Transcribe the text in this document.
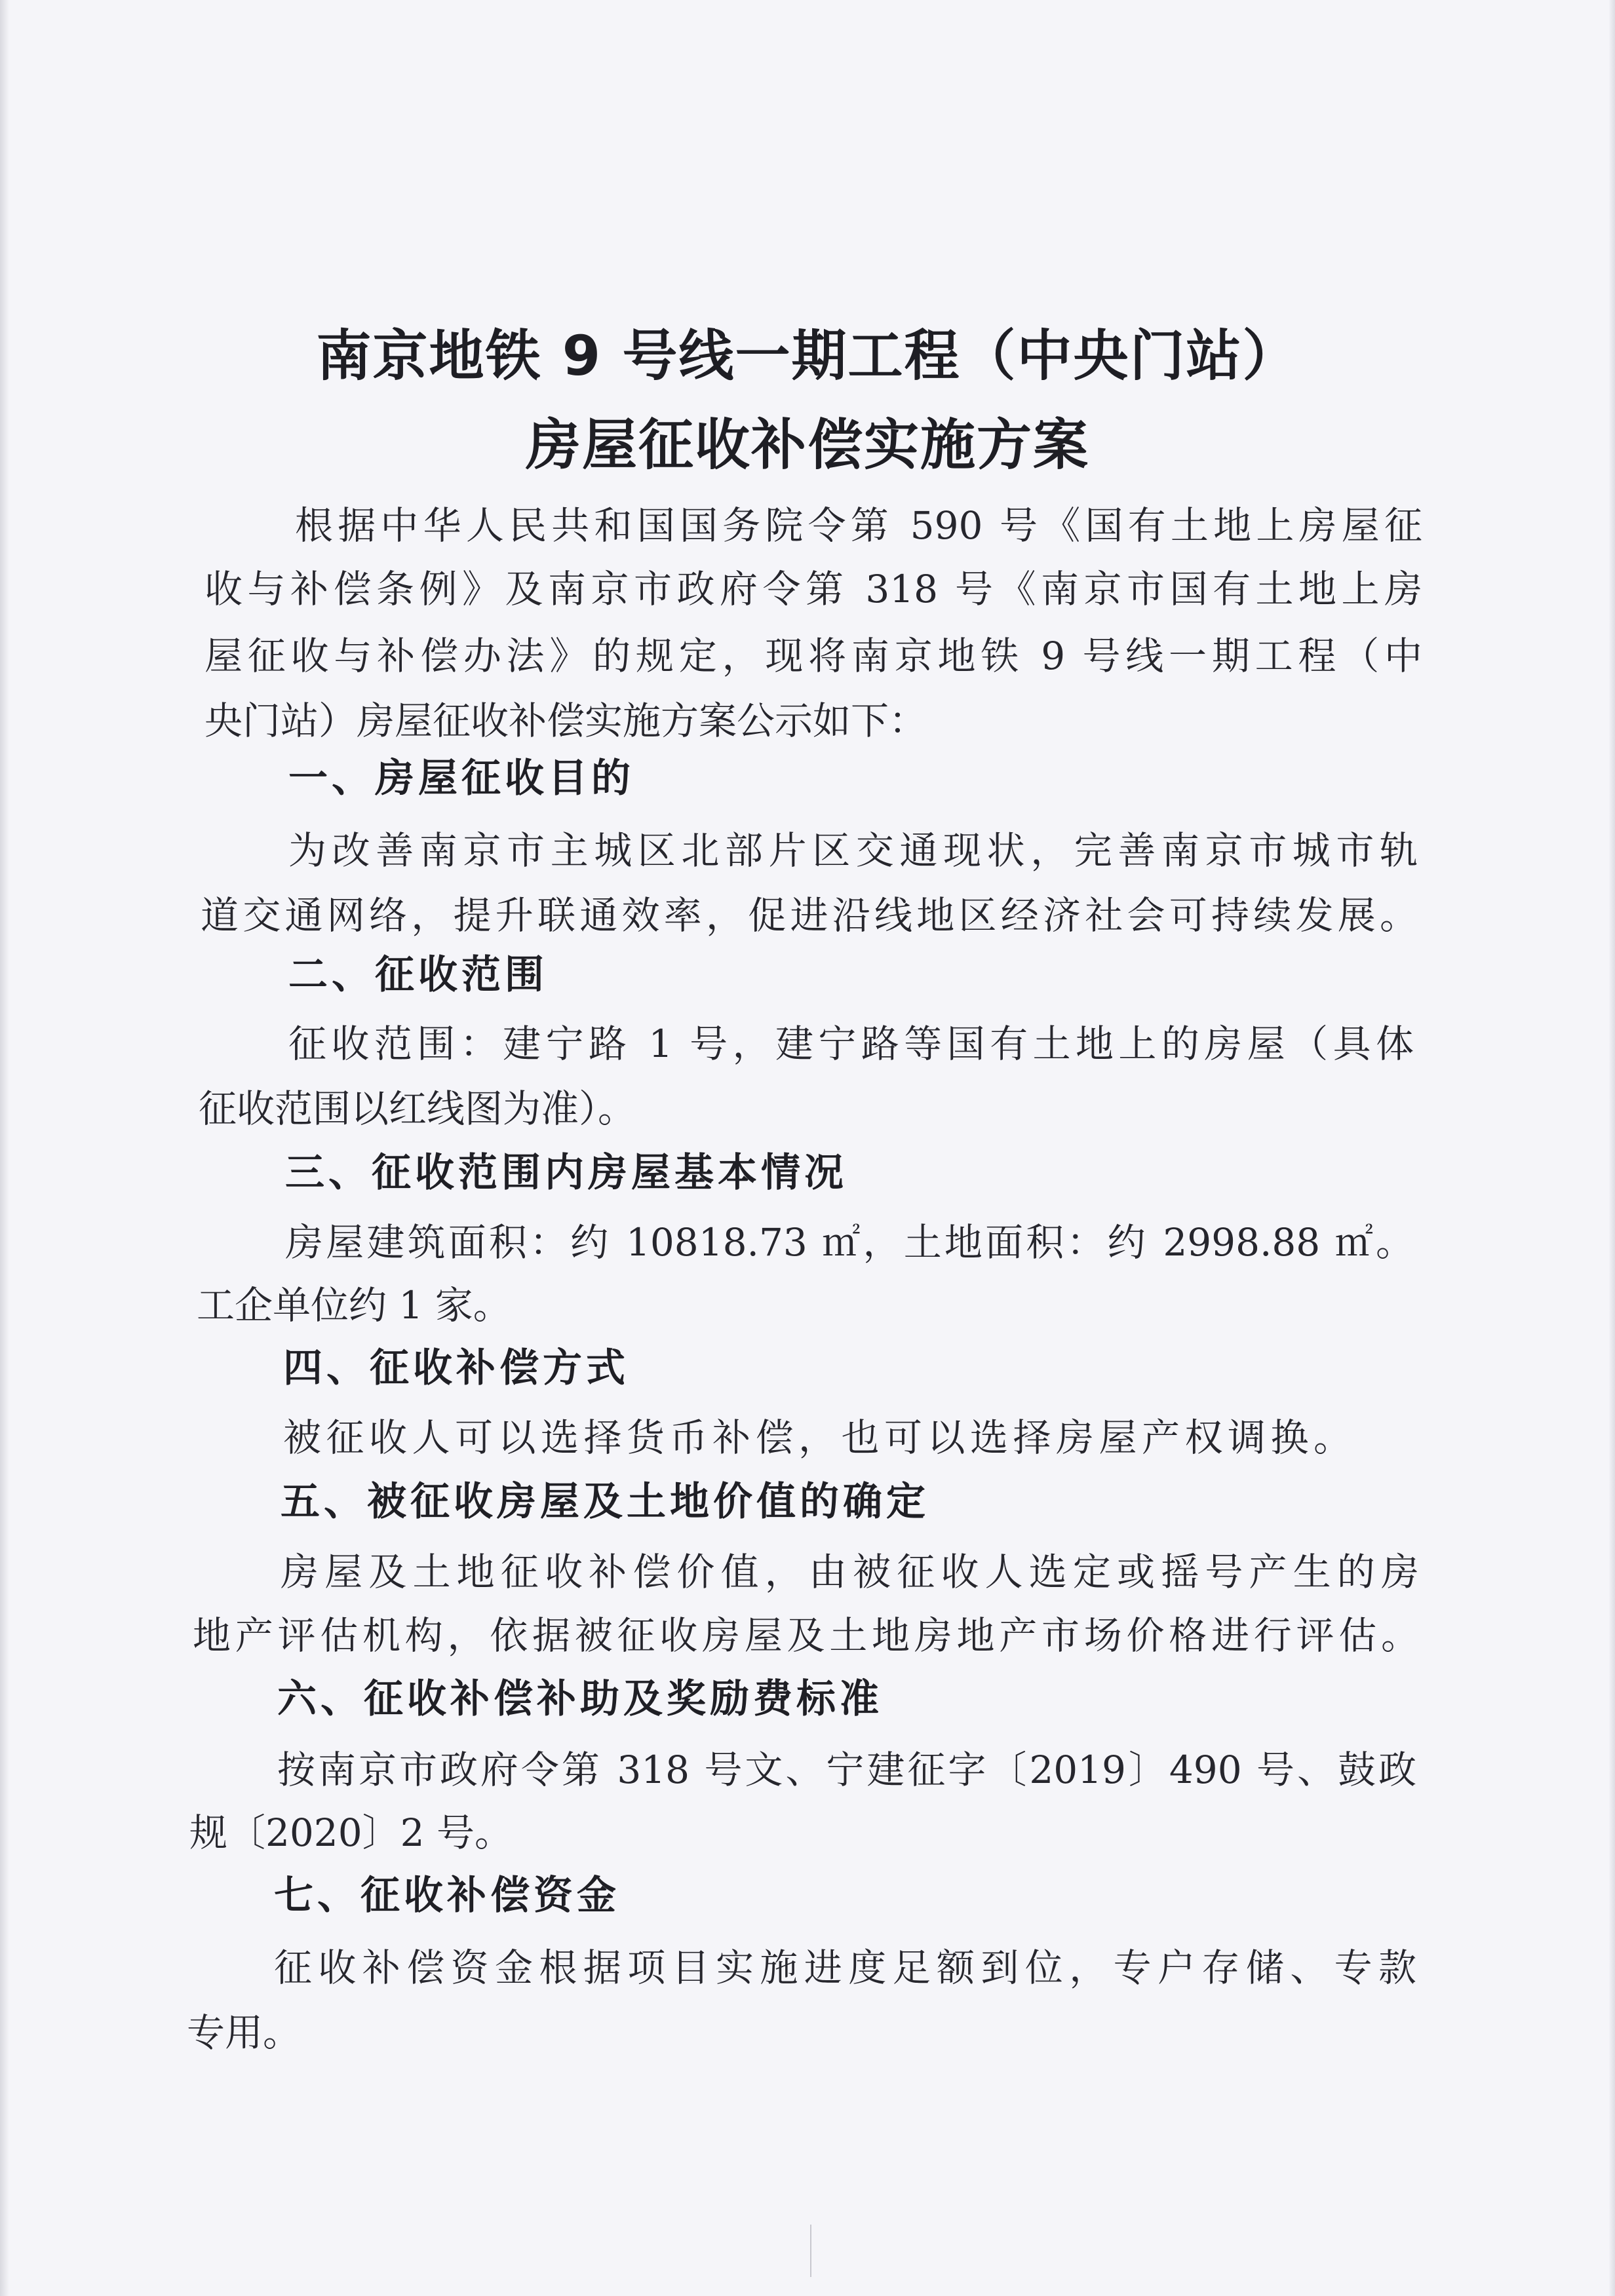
南京地铁 9 号线一期工程（中央门站）
房屋征收补偿实施方案
根据中华人民共和国国务院令第 590 号《国有土地上房屋征
收与补偿条例》及南京市政府令第 318 号《南京市国有土地上房
屋征收与补偿办法》的规定，现将南京地铁 9 号线一期工程（中
央门站）房屋征收补偿实施方案公示如下：
一、房屋征收目的
为改善南京市主城区北部片区交通现状，完善南京市城市轨
道交通网络，提升联通效率，促进沿线地区经济社会可持续发展。
二、征收范围
征收范围：建宁路 1 号，建宁路等国有土地上的房屋（具体
征收范围以红线图为准）。
三、征收范围内房屋基本情况
房屋建筑面积：约 10818.73 ㎡，土地面积：约 2998.88 ㎡。
工企单位约 1 家。
四、征收补偿方式
被征收人可以选择货币补偿，也可以选择房屋产权调换。
五、被征收房屋及土地价值的确定
房屋及土地征收补偿价值，由被征收人选定或摇号产生的房
地产评估机构，依据被征收房屋及土地房地产市场价格进行评估。
六、征收补偿补助及奖励费标准
按南京市政府令第 318 号文、宁建征字〔2019〕490 号、鼓政
规〔2020〕2 号。
七、征收补偿资金
征收补偿资金根据项目实施进度足额到位，专户存储、专款
专用。
